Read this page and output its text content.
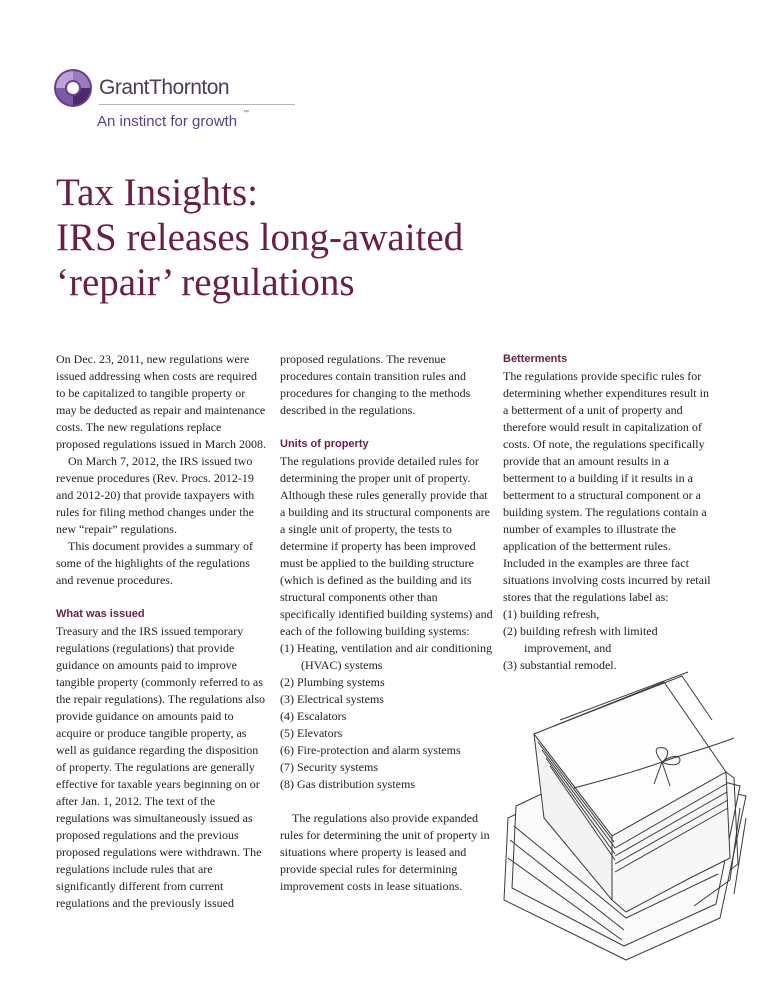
GrantThornton
An instinct for growth ™
Tax Insights:
IRS releases long-awaited
‘repair’ regulations

On Dec. 23, 2011, new regulations were issued addressing when costs are required to be capitalized to tangible property or may be deducted as repair and maintenance costs. The new regulations replace proposed regulations issued in March 2008.

On March 7, 2012, the IRS issued two revenue procedures (Rev. Procs. 2012-19 and 2012-20) that provide taxpayers with rules for filing method changes under the new “repair” regulations.

This document provides a summary of some of the highlights of the regulations and revenue procedures.

What was issued

Treasury and the IRS issued temporary regulations (regulations) that provide guidance on amounts paid to improve tangible property (commonly referred to as the repair regulations). The regulations also provide guidance on amounts paid to acquire or produce tangible property, as well as guidance regarding the disposition of property. The regulations are generally effective for taxable years beginning on or after Jan. 1, 2012. The text of the regulations was simultaneously issued as proposed regulations and the previous proposed regulations were withdrawn. The regulations include rules that are significantly different from current regulations and the previously issued

proposed regulations. The revenue procedures contain transition rules and procedures for changing to the methods described in the regulations.

Units of property

The regulations provide detailed rules for determining the proper unit of property. Although these rules generally provide that a building and its structural components are a single unit of property, the tests to determine if property has been improved must be applied to the building structure (which is defined as the building and its structural components other than specifically identified building systems) and each of the following building systems:

(1) Heating, ventilation and air conditioning (HVAC) systems
(2) Plumbing systems
(3) Electrical systems
(4) Escalators
(5) Elevators
(6) Fire-protection and alarm systems
(7) Security systems
(8) Gas distribution systems

The regulations also provide expanded rules for determining the unit of property in situations where property is leased and provide special rules for determining improvement costs in lease situations.

Betterments

The regulations provide specific rules for determining whether expenditures result in a betterment of a unit of property and therefore would result in capitalization of costs. Of note, the regulations specifically provide that an amount results in a betterment to a building if it results in a betterment to a structural component or a building system. The regulations contain a number of examples to illustrate the application of the betterment rules. Included in the examples are three fact situations involving costs incurred by retail stores that the regulations label as:

(1) building refresh,
(2) building refresh with limited improvement, and
(3) substantial remodel.
